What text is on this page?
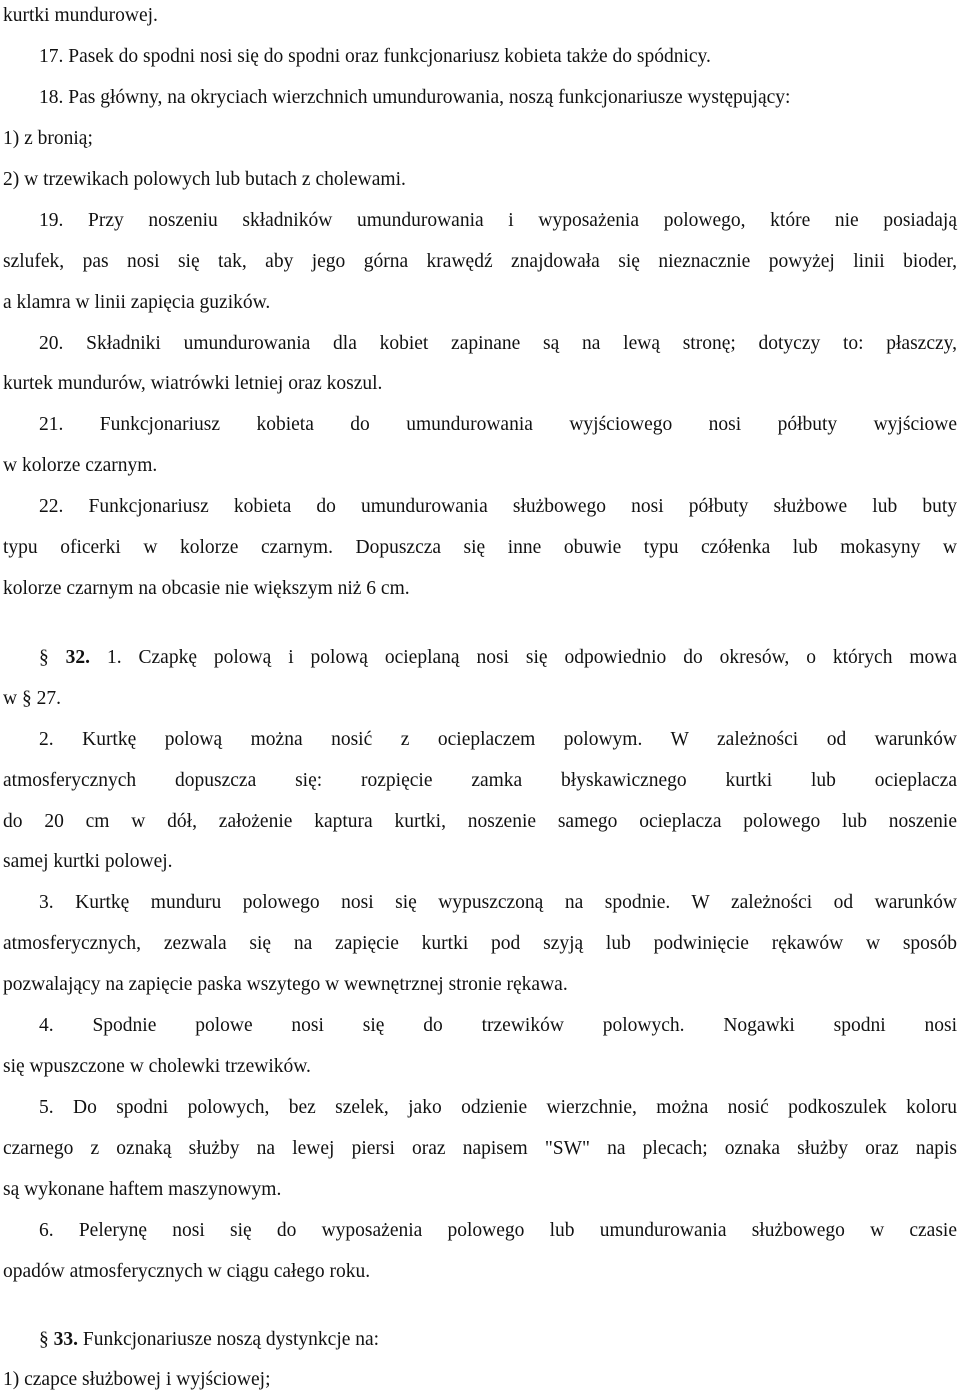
kurtki mundurowej.
17. Pasek do spodni nosi się do spodni oraz funkcjonariusz kobieta także do spódnicy.
18. Pas główny, na okryciach wierzchnich umundurowania, noszą funkcjonariusze występujący:
1) z bronią;
2) w trzewikach polowych lub butach z cholewami.
19. Przy noszeniu składników umundurowania i wyposażenia polowego, które nie posiadają
szlufek, pas nosi się tak, aby jego górna krawędź znajdowała się nieznacznie powyżej linii bioder,
a klamra w linii zapięcia guzików.
20. Składniki umundurowania dla kobiet zapinane są na lewą stronę; dotyczy to: płaszczy,
kurtek mundurów, wiatrówki letniej oraz koszul.
21. Funkcjonariusz kobieta do umundurowania wyjściowego nosi półbuty wyjściowe
w kolorze czarnym.
22. Funkcjonariusz kobieta do umundurowania służbowego nosi półbuty służbowe lub buty
typu oficerki w kolorze czarnym. Dopuszcza się inne obuwie typu czółenka lub mokasyny w
kolorze czarnym na obcasie nie większym niż 6 cm.
§ 32. 1. Czapkę polową i polową ocieplaną nosi się odpowiednio do okresów, o których mowa
w § 27.
2. Kurtkę polową można nosić z ocieplaczem polowym. W zależności od warunków
atmosferycznych dopuszcza się: rozpięcie zamka błyskawicznego kurtki lub ocieplacza
do 20 cm w dół, założenie kaptura kurtki, noszenie samego ocieplacza polowego lub noszenie
samej kurtki polowej.
3. Kurtkę munduru polowego nosi się wypuszczoną na spodnie. W zależności od warunków
atmosferycznych, zezwala się na zapięcie kurtki pod szyją lub podwinięcie rękawów w sposób
pozwalający na zapięcie paska wszytego w wewnętrznej stronie rękawa.
4. Spodnie polowe nosi się do trzewików polowych. Nogawki spodni nosi
się wpuszczone w cholewki trzewików.
5. Do spodni polowych, bez szelek, jako odzienie wierzchnie, można nosić podkoszulek koloru
czarnego z oznaką służby na lewej piersi oraz napisem "SW" na plecach; oznaka służby oraz napis
są wykonane haftem maszynowym.
6. Pelerynę nosi się do wyposażenia polowego lub umundurowania służbowego w czasie
opadów atmosferycznych w ciągu całego roku.
§ 33. Funkcjonariusze noszą dystynkcje na:
1) czapce służbowej i wyjściowej;
